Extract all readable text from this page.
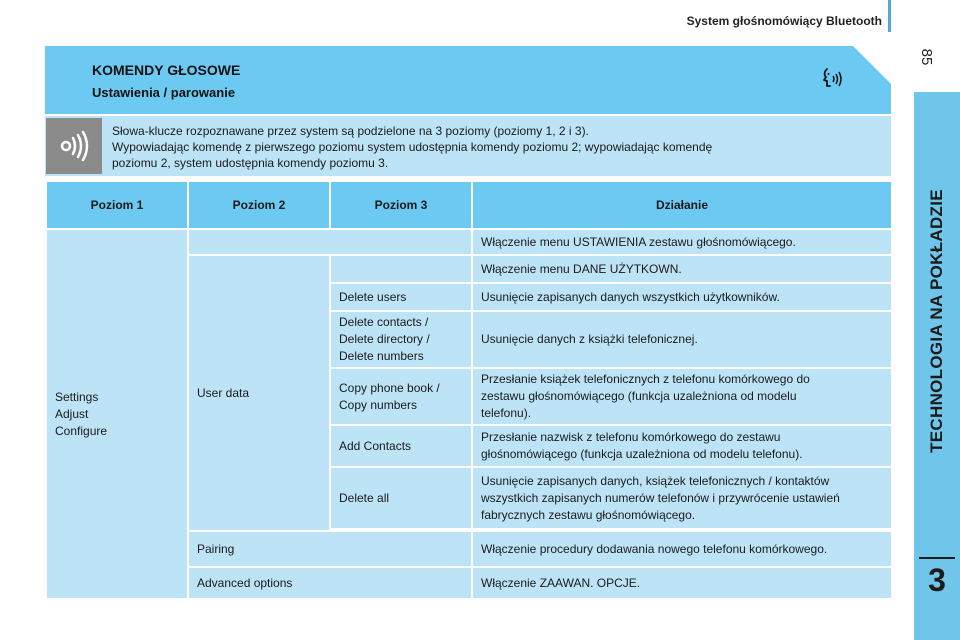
System głośnomówiący Bluetooth
85
TECHNOLOGIA NA POKŁADZIE
3
KOMENDY GŁOSOWE
Ustawienia / parowanie
Słowa-klucze rozpoznawane przez system są podzielone na 3 poziomy (poziomy 1, 2 i 3).
Wypowiadając komendę z pierwszego poziomu system udostępnia komendy poziomu 2; wypowiadając komendę
poziomu 2, system udostępnia komendy poziomu 3.
Poziom 1	Poziom 2	Poziom 3	Działanie
Settings
Adjust
Configure			Włączenie menu USTAWIENIA zestawu głośnomówiącego.
	User data		Włączenie menu DANE UŻYTKOWN.
		Delete users	Usunięcie zapisanych danych wszystkich użytkowników.
		Delete contacts /
Delete directory /
Delete numbers	Usunięcie danych z książki telefonicznej.
		Copy phone book /
Copy numbers	Przesłanie książek telefonicznych z telefonu komórkowego do
zestawu głośnomówiącego (funkcja uzależniona od modelu
telefonu).
		Add Contacts	Przesłanie nazwisk z telefonu komórkowego do zestawu
głośnomówiącego (funkcja uzależniona od modelu telefonu).
		Delete all	Usunięcie zapisanych danych, książek telefonicznych / kontaktów
wszystkich zapisanych numerów telefonów i przywrócenie ustawień
fabrycznych zestawu głośnomówiącego.

	Pairing		Włączenie procedury dodawania nowego telefonu komórkowego.
	Advanced options		Włączenie ZAAWAN. OPCJE.
